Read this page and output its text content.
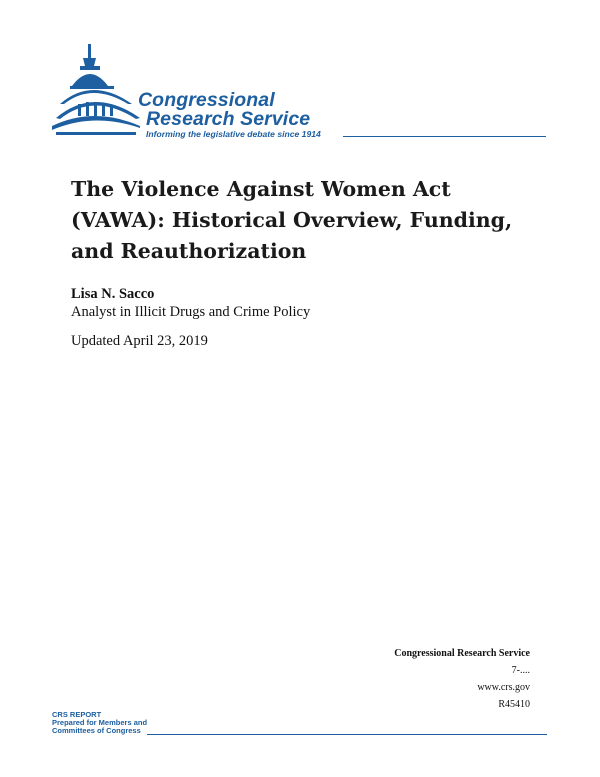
Congressional
Research Service
Informing the legislative debate since 1914
The Violence Against Women Act (VAWA): Historical Overview, Funding, and Reauthorization
Lisa N. Sacco
Analyst in Illicit Drugs and Crime Policy
Updated April 23, 2019
Congressional Research Service
7-....
www.crs.gov
R45410
CRS REPORT
Prepared for Members and
Committees of Congress
